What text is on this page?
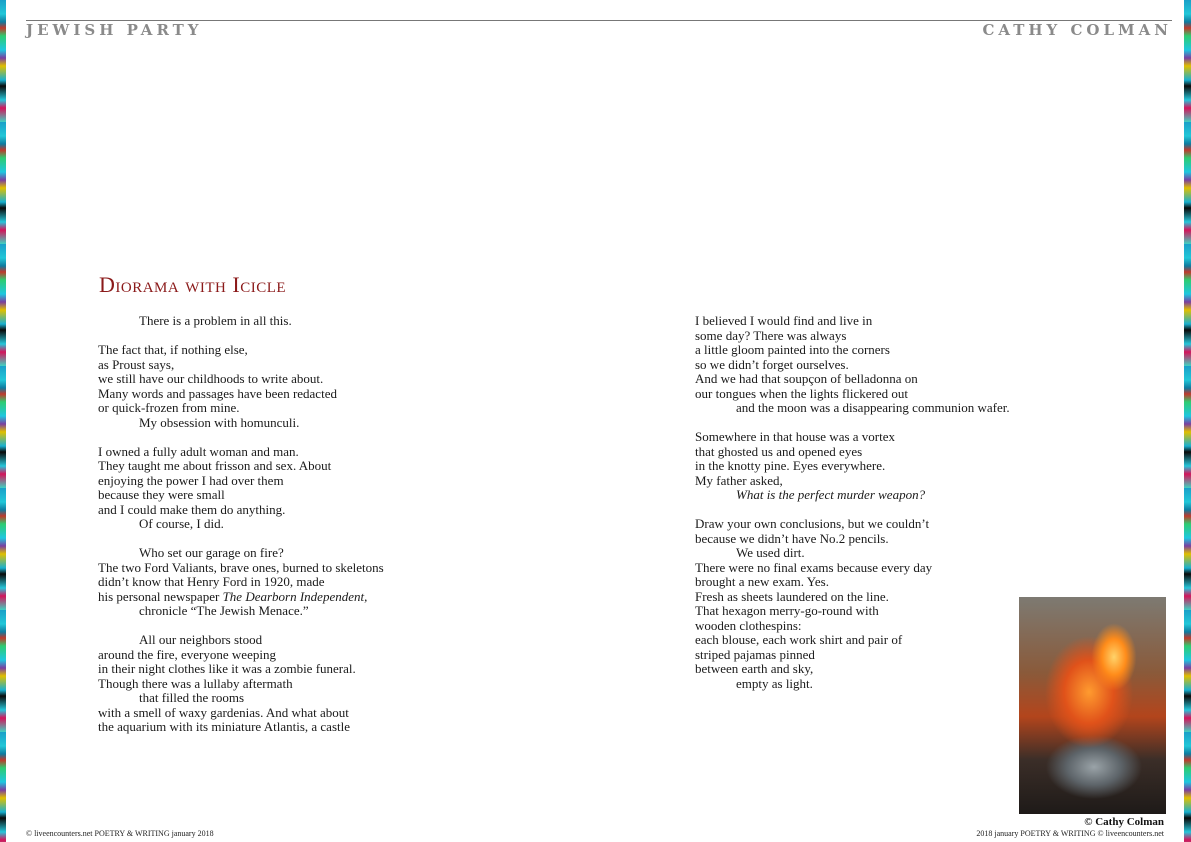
JEWISH PARTY	CATHY COLMAN
Diorama with Icicle
There is a problem in all this.
The fact that, if nothing else,
as Proust says,
we still have our childhoods to write about.
Many words and passages have been redacted
or quick-frozen from mine.
My obsession with homunculi.
I owned a fully adult woman and man.
They taught me about frisson and sex. About
enjoying the power I had over them
because they were small
and I could make them do anything.
Of course, I did.
Who set our garage on fire?
The two Ford Valiants, brave ones, burned to skeletons
didn’t know that Henry Ford in 1920, made
his personal newspaper The Dearborn Independent,
chronicle “The Jewish Menace.”
All our neighbors stood
around the fire, everyone weeping
in their night clothes like it was a zombie funeral.
Though there was a lullaby aftermath
that filled the rooms
with a smell of waxy gardenias. And what about
the aquarium with its miniature Atlantis, a castle
I believed I would find and live in
some day? There was always
a little gloom painted into the corners
so we didn’t forget ourselves.
And we had that soupçon of belladonna on
our tongues when the lights flickered out
and the moon was a disappearing communion wafer.
Somewhere in that house was a vortex
that ghosted us and opened eyes
in the knotty pine. Eyes everywhere.
My father asked,
What is the perfect murder weapon?
Draw your own conclusions, but we couldn’t
because we didn’t have No.2 pencils.
We used dirt.
There were no final exams because every day
brought a new exam. Yes.
Fresh as sheets laundered on the line.
That hexagon merry-go-round with
wooden clothespins:
each blouse, each work shirt and pair of
striped pajamas pinned
between earth and sky,
empty as light.
© Cathy Colman
© liveencounters.net POETRY & WRITING january 2018	2018 january POETRY & WRITING © liveencounters.net
